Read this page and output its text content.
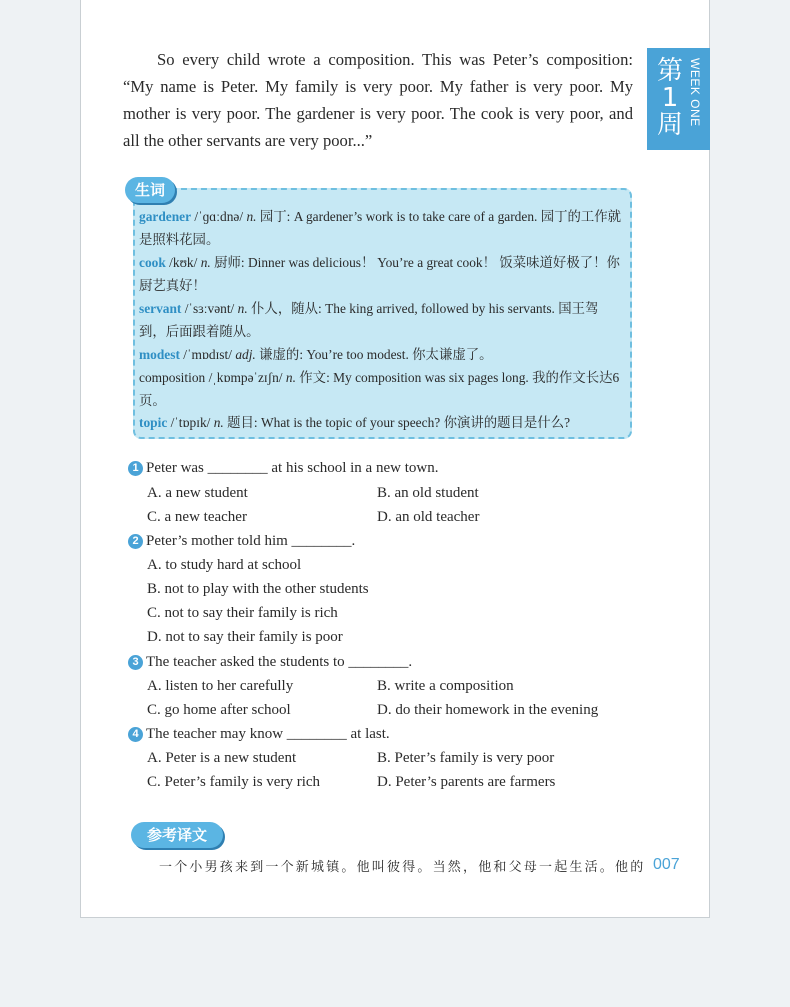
So every child wrote a composition. This was Peter’s composition: “My name is Peter. My family is very poor. My father is very poor. My mother is very poor. The gardener is very poor. The cook is very poor, and all the other servants are very poor...”

第1周 WEEK ONE
生词

gardener /ˈɡɑːdnə/ n. 园丁: A gardener’s work is to take care of a garden. 园丁的工作就是照料花园。

cook /kʊk/ n. 厨师: Dinner was delicious！ You’re a great cook！ 饭菜味道好极了！你厨艺真好！

servant /ˈsɜːvənt/ n. 仆人，随从: The king arrived, followed by his servants. 国王驾到，后面跟着随从。

modest /ˈmɒdɪst/ adj. 谦虚的: You’re too modest. 你太谦虚了。

composition /ˌkɒmpəˈzɪʃn/ n. 作文: My composition was six pages long. 我的作文长达6页。

topic /ˈtɒpɪk/ n. 题目: What is the topic of your speech? 你演讲的题目是什么?

1 Peter was ________ at his school in a new town.
A. a new student	B. an old student
C. a new teacher	D. an old teacher
2 Peter’s mother told him ________.
A. to study hard at school
B. not to play with the other students
C. not to say their family is rich
D. not to say their family is poor
3 The teacher asked the students to ________.
A. listen to her carefully	B. write a composition
C. go home after school	D. do their homework in the evening
4 The teacher may know ________ at last.
A. Peter is a new student	B. Peter’s family is very poor
C. Peter’s family is very rich	D. Peter’s parents are farmers
参考译文
一个小男孩来到一个新城镇。他叫彼得。当然，他和父母一起生活。他的 007
